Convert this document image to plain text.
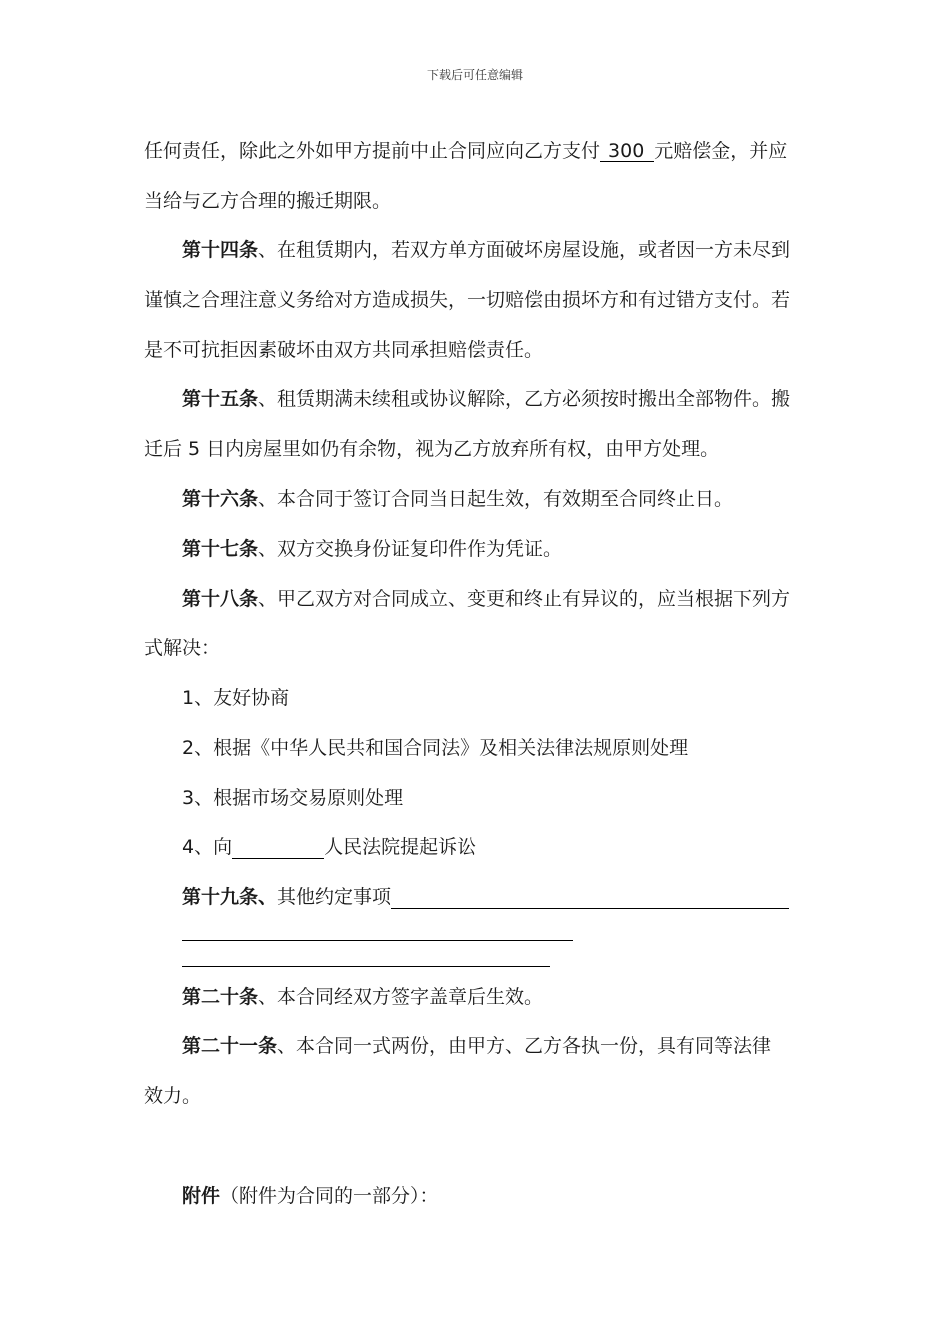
下载后可任意编辑
任何责任，除此之外如甲方提前中止合同应向乙方支付 300 元赔偿金，并应
当给与乙方合理的搬迁期限。
第十四条、在租赁期内，若双方单方面破坏房屋设施，或者因一方未尽到
谨慎之合理注意义务给对方造成损失，一切赔偿由损坏方和有过错方支付。若
是不可抗拒因素破坏由双方共同承担赔偿责任。
第十五条、租赁期满未续租或协议解除，乙方必须按时搬出全部物件。搬
迁后 5 日内房屋里如仍有余物，视为乙方放弃所有权，由甲方处理。
第十六条、本合同于签订合同当日起生效，有效期至合同终止日。
第十七条、双方交换身份证复印件作为凭证。
第十八条、甲乙双方对合同成立、变更和终止有异议的，应当根据下列方
式解决：
1、友好协商
2、根据《中华人民共和国合同法》及相关法律法规原则处理
3、根据市场交易原则处理
4、向	人民法院提起诉讼
第十九条、其他约定事项
第二十条、本合同经双方签字盖章后生效。
第二十一条、本合同一式两份，由甲方、乙方各执一份，具有同等法律
效力。
附件（附件为合同的一部分）：
